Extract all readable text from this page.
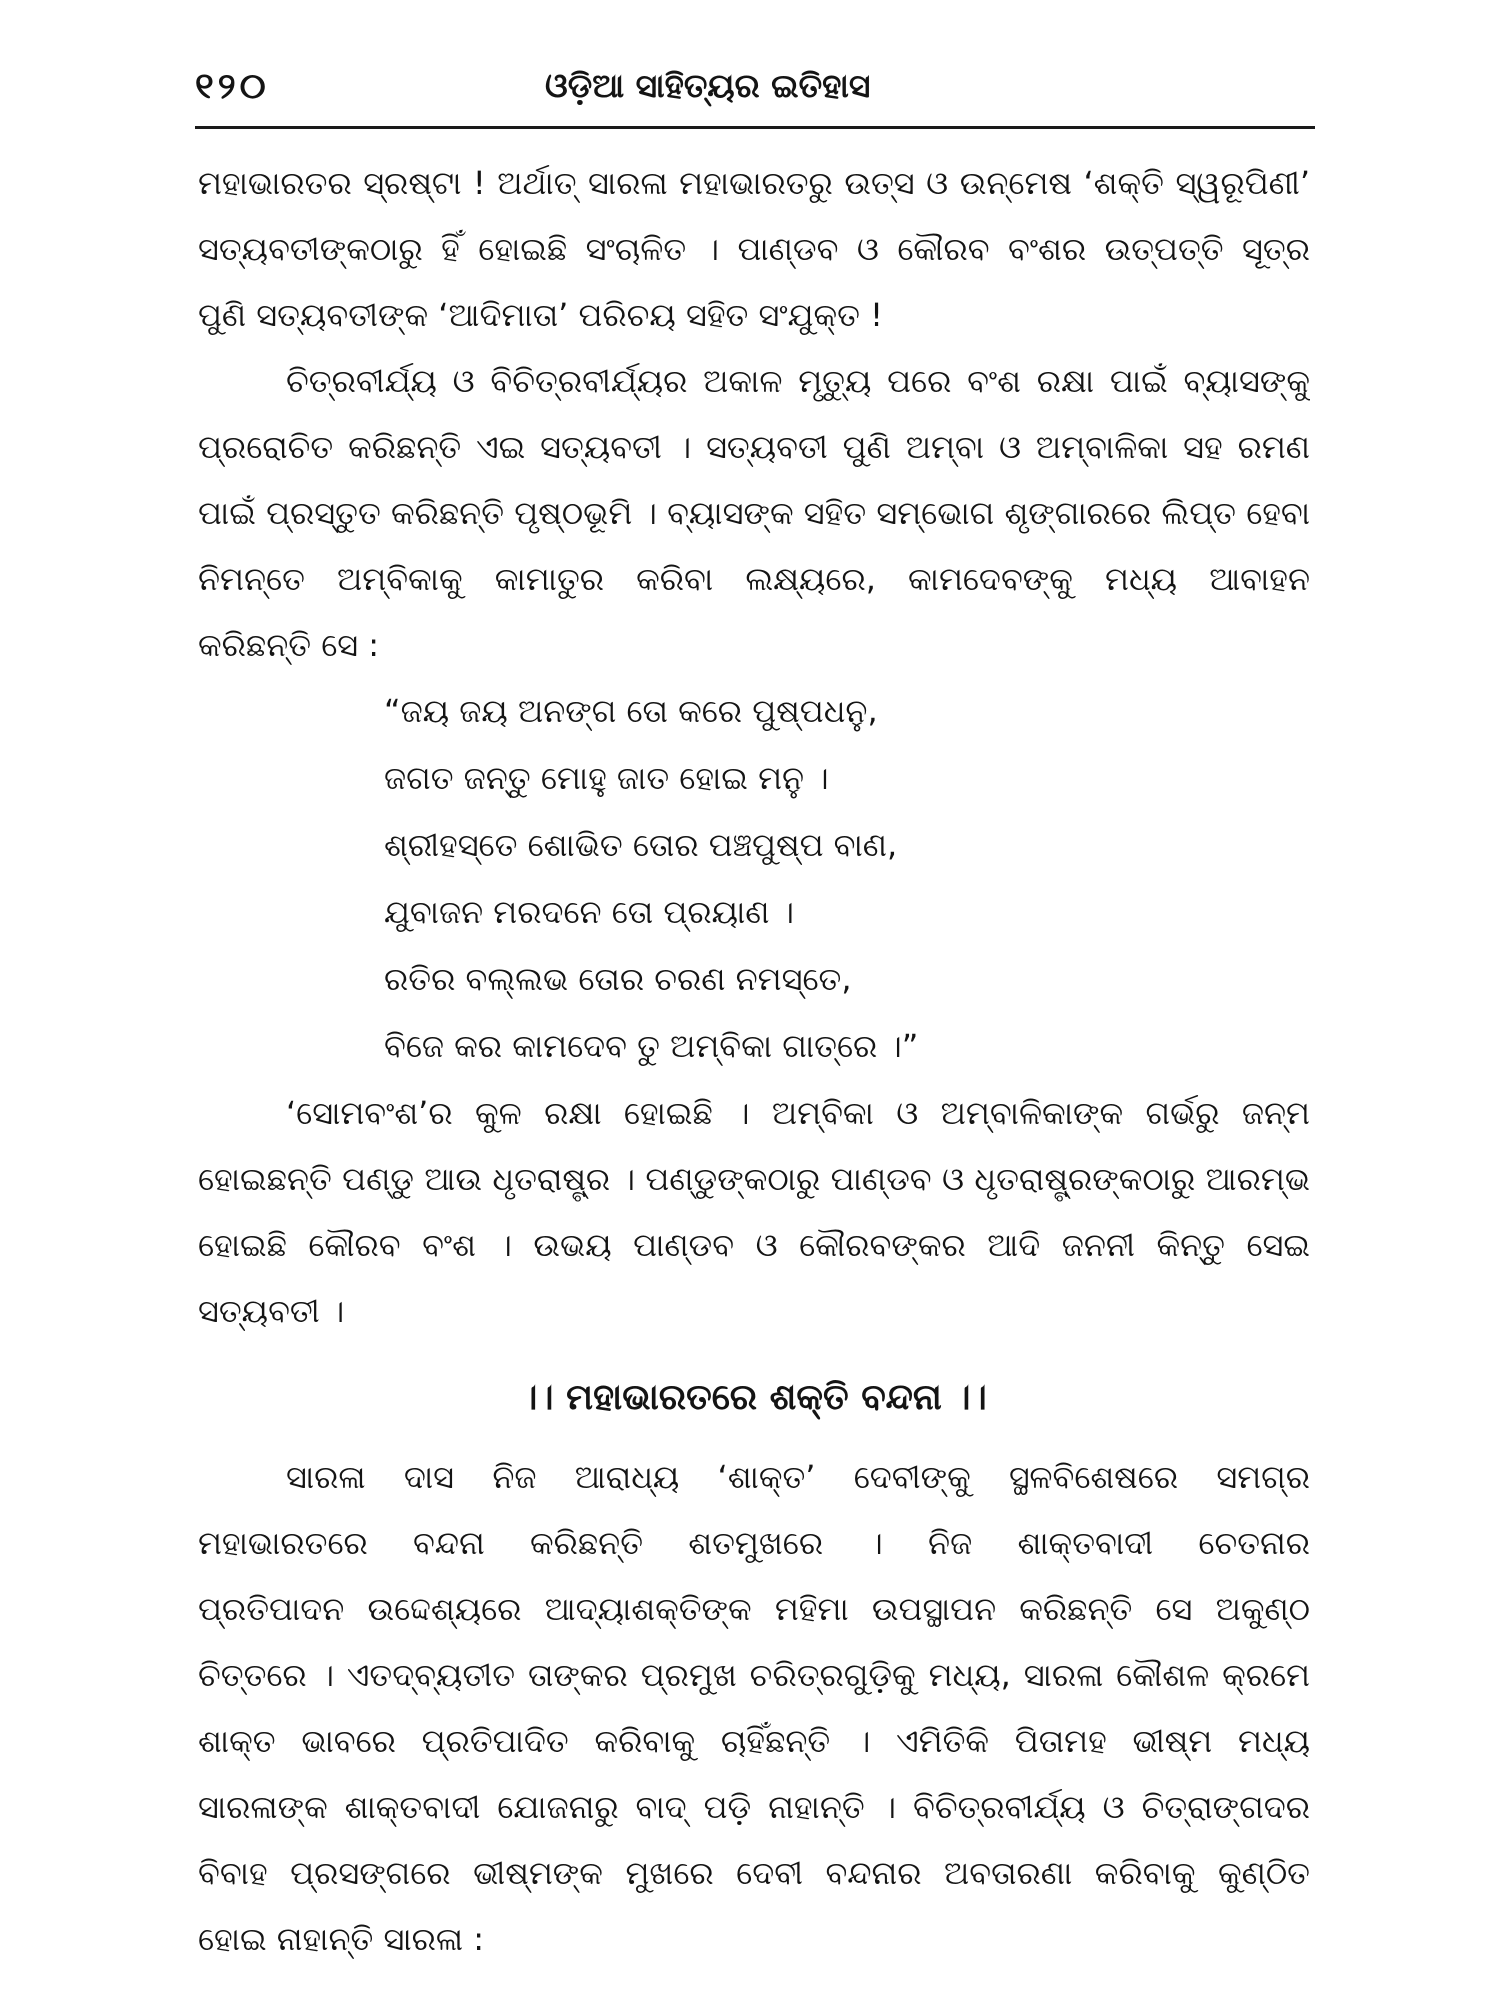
୧୨୦	ଓଡ଼ିଆ ସାହିତ୍ୟର ଇତିହାସ
ମହାଭାରତର ସ୍ରଷ୍ଟା ! ଅର୍ଥାତ୍ ସାରଳା ମହାଭାରତରୁ ଉତ୍ସ ଓ ଉନ୍ମେଷ ‘ଶକ୍ତି ସ୍ୱରୂପିଣୀ’
ସତ୍ୟବତୀଙ୍କଠାରୁ ହିଁ ହୋଇଛି ସଂଚାଳିତ । ପାଣ୍ଡବ ଓ କୌରବ ବଂଶର ଉତ୍ପତ୍ତି ସୂତ୍ର
ପୁଣି ସତ୍ୟବତୀଙ୍କ ‘ଆଦିମାତା’ ପରିଚୟ ସହିତ ସଂଯୁକ୍ତ !
ଚିତ୍ରବୀର୍ଯ୍ୟ ଓ ବିଚିତ୍ରବୀର୍ଯ୍ୟର ଅକାଳ ମୃତ୍ୟୁ ପରେ ବଂଶ ରକ୍ଷା ପାଇଁ ବ୍ୟାସଙ୍କୁ
ପ୍ରରୋଚିତ କରିଛନ୍ତି ଏଇ ସତ୍ୟବତୀ । ସତ୍ୟବତୀ ପୁଣି ଅମ୍ବା ଓ ଅମ୍ବାଳିକା ସହ ରମଣ
ପାଇଁ ପ୍ରସ୍ତୁତ କରିଛନ୍ତି ପୃଷ୍ଠଭୂମି । ବ୍ୟାସଙ୍କ ସହିତ ସମ୍ଭୋଗ ଶୃଙ୍ଗାରରେ ଲିପ୍ତ ହେବା
ନିମନ୍ତେ ଅମ୍ବିକାକୁ କାମାତୁର କରିବା ଲକ୍ଷ୍ୟରେ, କାମଦେବଙ୍କୁ ମଧ୍ୟ ଆବାହନ
କରିଛନ୍ତି ସେ :
“ଜୟ ଜୟ ଅନଙ୍ଗ ତୋ କରେ ପୁଷ୍ପଧନୁ,
ଜଗତ ଜନ୍ତୁ ମୋହୁ ଜାତ ହୋଇ ମନୁ ।
ଶ୍ରୀହସ୍ତେ ଶୋଭିତ ତୋର ପଞ୍ଚପୁଷ୍ପ ବାଣ,
ଯୁବାଜନ ମରଦନେ ତୋ ପ୍ରୟାଣ ।
ରତିର ବଲ୍ଲଭ ତୋର ଚରଣ ନମସ୍ତେ,
ବିଜେ କର କାମଦେବ ତୁ ଅମ୍ବିକା ଗାତ୍ରେ ।”
‘ସୋମବଂଶ’ର କୁଳ ରକ୍ଷା ହୋଇଛି । ଅମ୍ବିକା ଓ ଅମ୍ବାଳିକାଙ୍କ ଗର୍ଭରୁ ଜନ୍ମ
ହୋଇଛନ୍ତି ପଣ୍ଡୁ ଆଉ ଧୃତରାଷ୍ଟ୍ର । ପଣ୍ଡୁଙ୍କଠାରୁ ପାଣ୍ଡବ ଓ ଧୃତରାଷ୍ଟ୍ରଙ୍କଠାରୁ ଆରମ୍ଭ
ହୋଇଛି କୌରବ ବଂଶ । ଉଭୟ ପାଣ୍ଡବ ଓ କୌରବଙ୍କର ଆଦି ଜନନୀ କିନ୍ତୁ ସେଇ
ସତ୍ୟବତୀ ।
।। ମହାଭାରତରେ ଶକ୍ତି ବନ୍ଦନା ।।
ସାରଳା ଦାସ ନିଜ ଆରାଧ୍ୟ ‘ଶାକ୍ତ’ ଦେବୀଙ୍କୁ ସ୍ଥଳବିଶେଷରେ ସମଗ୍ର
ମହାଭାରତରେ ବନ୍ଦନା କରିଛନ୍ତି ଶତମୁଖରେ । ନିଜ ଶାକ୍ତବାଦୀ ଚେତନାର
ପ୍ରତିପାଦନ ଉଦ୍ଦେଶ୍ୟରେ ଆଦ୍ୟାଶକ୍ତିଙ୍କ ମହିମା ଉପସ୍ଥାପନ କରିଛନ୍ତି ସେ ଅକୁଣ୍ଠ
ଚିତ୍ତରେ । ଏତଦ୍‌ବ୍ୟତୀତ ତାଙ୍କର ପ୍ରମୁଖ ଚରିତ୍ରଗୁଡ଼ିକୁ ମଧ୍ୟ, ସାରଳା କୌଶଳ କ୍ରମେ
ଶାକ୍ତ ଭାବରେ ପ୍ରତିପାଦିତ କରିବାକୁ ଚାହିଁଛନ୍ତି । ଏମିତିକି ପିତାମହ ଭୀଷ୍ମ ମଧ୍ୟ
ସାରଳାଙ୍କ ଶାକ୍ତବାଦୀ ଯୋଜନାରୁ ବାଦ୍ ପଡ଼ି ନାହାନ୍ତି । ବିଚିତ୍ରବୀର୍ଯ୍ୟ ଓ ଚିତ୍ରାଙ୍ଗଦର
ବିବାହ ପ୍ରସଙ୍ଗରେ ଭୀଷ୍ମଙ୍କ ମୁଖରେ ଦେବୀ ବନ୍ଦନାର ଅବତାରଣା କରିବାକୁ କୁଣ୍ଠିତ
ହୋଇ ନାହାନ୍ତି ସାରଳା :
